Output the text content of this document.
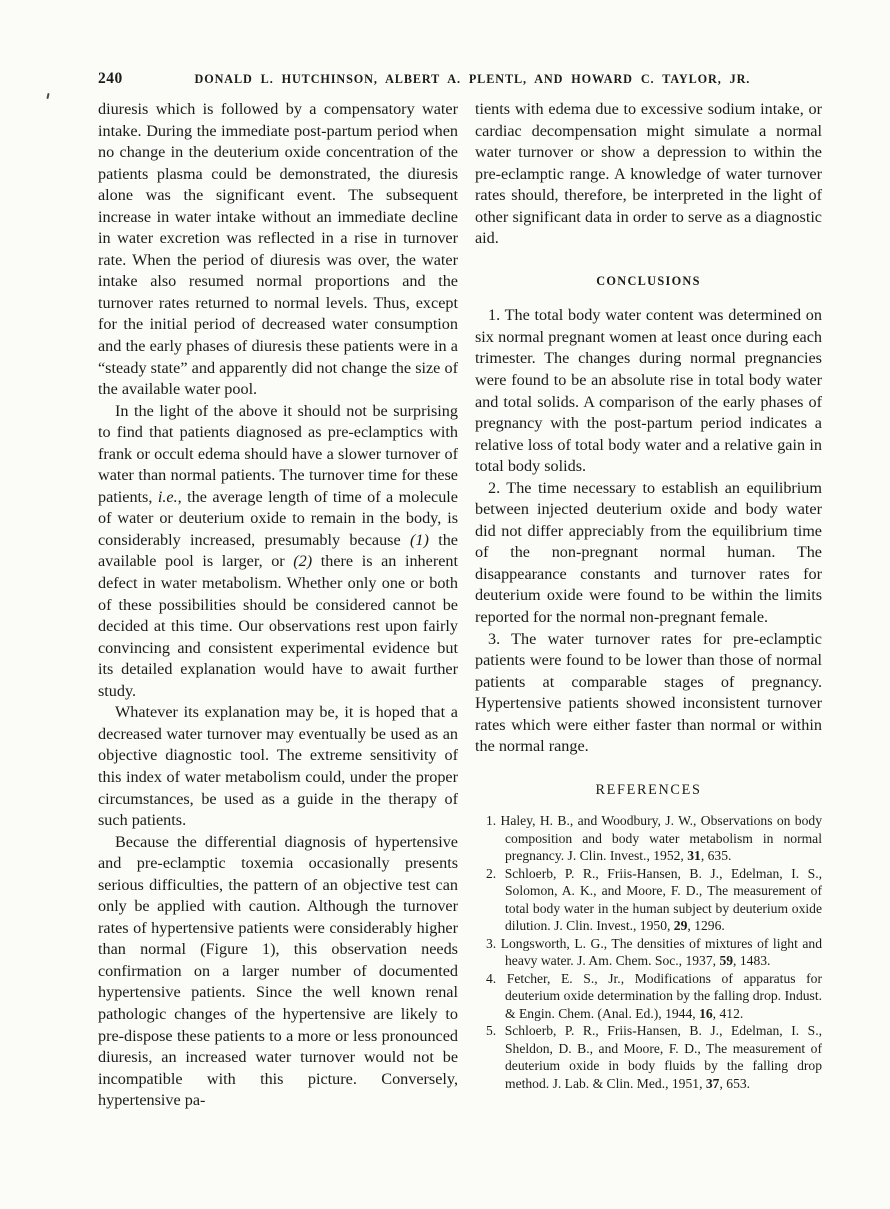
240	DONALD L. HUTCHINSON, ALBERT A. PLENTL, AND HOWARD C. TAYLOR, JR.

diuresis which is followed by a compensatory water intake. During the immediate post-partum period when no change in the deuterium oxide concentration of the patients plasma could be demonstrated, the diuresis alone was the significant event. The subsequent increase in water intake without an immediate decline in water excretion was reflected in a rise in turnover rate. When the period of diuresis was over, the water intake also resumed normal proportions and the turnover rates returned to normal levels. Thus, except for the initial period of decreased water consumption and the early phases of diuresis these patients were in a “steady state” and apparently did not change the size of the available water pool.

In the light of the above it should not be surprising to find that patients diagnosed as pre-eclamptics with frank or occult edema should have a slower turnover of water than normal patients. The turnover time for these patients, i.e., the average length of time of a molecule of water or deuterium oxide to remain in the body, is considerably increased, presumably because (1) the available pool is larger, or (2) there is an inherent defect in water metabolism. Whether only one or both of these possibilities should be considered cannot be decided at this time. Our observations rest upon fairly convincing and consistent experimental evidence but its detailed explanation would have to await further study.

Whatever its explanation may be, it is hoped that a decreased water turnover may eventually be used as an objective diagnostic tool. The extreme sensitivity of this index of water metabolism could, under the proper circumstances, be used as a guide in the therapy of such patients.

Because the differential diagnosis of hypertensive and pre-eclamptic toxemia occasionally presents serious difficulties, the pattern of an objective test can only be applied with caution. Although the turnover rates of hypertensive patients were considerably higher than normal (Figure 1), this observation needs confirmation on a larger number of documented hypertensive patients. Since the well known renal pathologic changes of the hypertensive are likely to pre-dispose these patients to a more or less pronounced diuresis, an increased water turnover would not be incompatible with this picture. Conversely, hypertensive pa-

tients with edema due to excessive sodium intake, or cardiac decompensation might simulate a normal water turnover or show a depression to within the pre-eclamptic range. A knowledge of water turnover rates should, therefore, be interpreted in the light of other significant data in order to serve as a diagnostic aid.

CONCLUSIONS

1. The total body water content was determined on six normal pregnant women at least once during each trimester. The changes during normal pregnancies were found to be an absolute rise in total body water and total solids. A comparison of the early phases of pregnancy with the post-partum period indicates a relative loss of total body water and a relative gain in total body solids.

2. The time necessary to establish an equilibrium between injected deuterium oxide and body water did not differ appreciably from the equilibrium time of the non-pregnant normal human. The disappearance constants and turnover rates for deuterium oxide were found to be within the limits reported for the normal non-pregnant female.

3. The water turnover rates for pre-eclamptic patients were found to be lower than those of normal patients at comparable stages of pregnancy. Hypertensive patients showed inconsistent turnover rates which were either faster than normal or within the normal range.

REFERENCES
1. Haley, H. B., and Woodbury, J. W., Observations on body composition and body water metabolism in normal pregnancy. J. Clin. Invest., 1952, 31, 635.
2. Schloerb, P. R., Friis-Hansen, B. J., Edelman, I. S., Solomon, A. K., and Moore, F. D., The measurement of total body water in the human subject by deuterium oxide dilution. J. Clin. Invest., 1950, 29, 1296.
3. Longsworth, L. G., The densities of mixtures of light and heavy water. J. Am. Chem. Soc., 1937, 59, 1483.
4. Fetcher, E. S., Jr., Modifications of apparatus for deuterium oxide determination by the falling drop. Indust. & Engin. Chem. (Anal. Ed.), 1944, 16, 412.
5. Schloerb, P. R., Friis-Hansen, B. J., Edelman, I. S., Sheldon, D. B., and Moore, F. D., The measurement of deuterium oxide in body fluids by the falling drop method. J. Lab. & Clin. Med., 1951, 37, 653.
